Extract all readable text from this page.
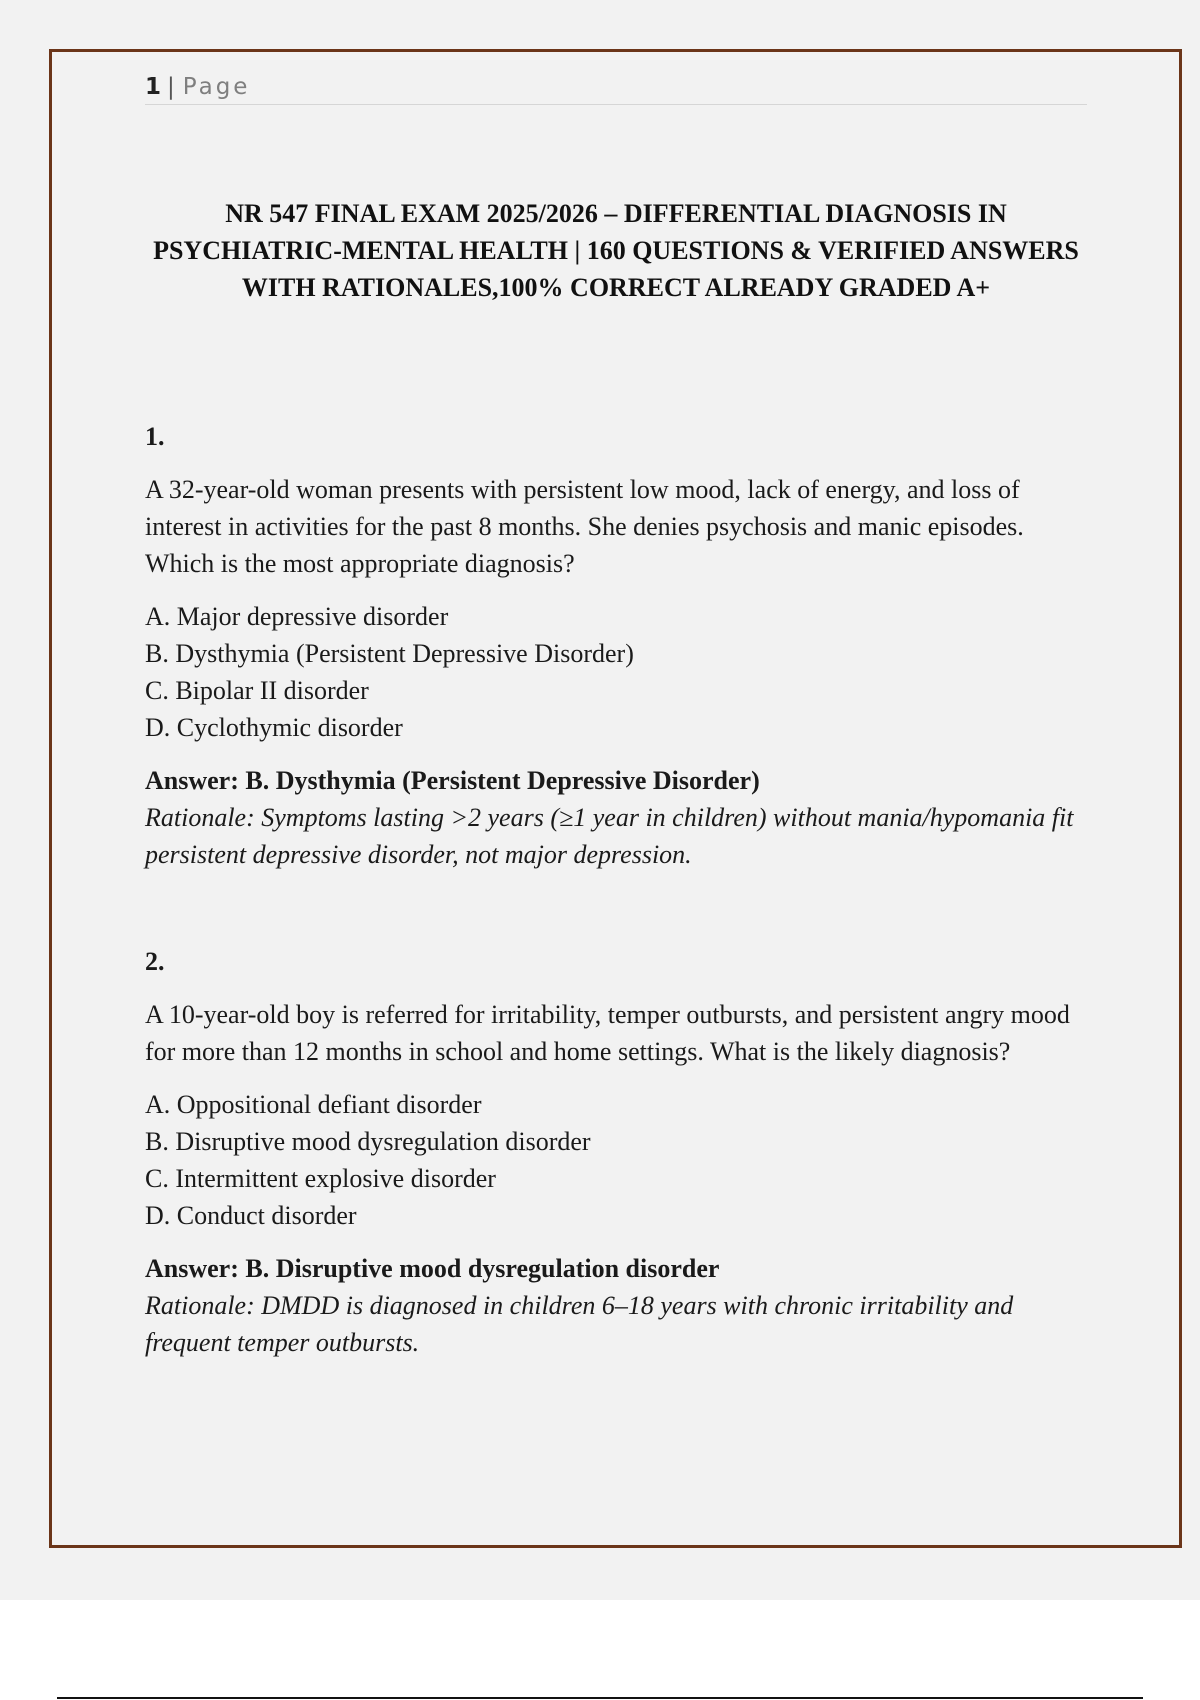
1 | Page
NR 547 FINAL EXAM 2025/2026 – DIFFERENTIAL DIAGNOSIS IN PSYCHIATRIC-MENTAL HEALTH | 160 QUESTIONS & VERIFIED ANSWERS WITH RATIONALES,100% CORRECT ALREADY GRADED A+

1.

A 32-year-old woman presents with persistent low mood, lack of energy, and loss of interest in activities for the past 8 months. She denies psychosis and manic episodes. Which is the most appropriate diagnosis?

A. Major depressive disorder
B. Dysthymia (Persistent Depressive Disorder)
C. Bipolar II disorder
D. Cyclothymic disorder

Answer: B. Dysthymia (Persistent Depressive Disorder)

Rationale: Symptoms lasting >2 years (≥1 year in children) without mania/hypomania fit persistent depressive disorder, not major depression.

2.

A 10-year-old boy is referred for irritability, temper outbursts, and persistent angry mood for more than 12 months in school and home settings. What is the likely diagnosis?

A. Oppositional defiant disorder
B. Disruptive mood dysregulation disorder
C. Intermittent explosive disorder
D. Conduct disorder

Answer: B. Disruptive mood dysregulation disorder

Rationale: DMDD is diagnosed in children 6–18 years with chronic irritability and frequent temper outbursts.
